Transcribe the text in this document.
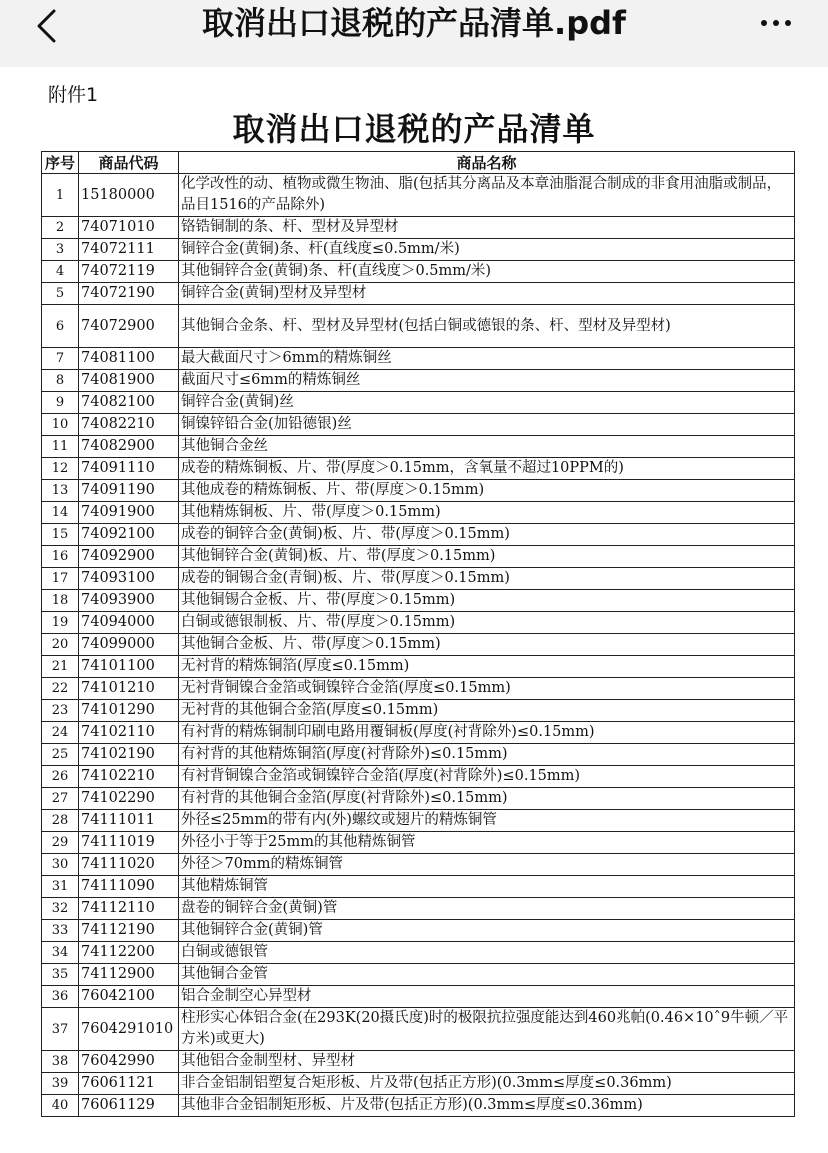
取消出口退税的产品清单.pdf
附件1
取消出口退税的产品清单
序号	商品代码	商品名称
1	15180000	化学改性的动、植物或微生物油、脂(包括其分离品及本章油脂混合制成的非食用油脂或制品，品目1516的产品除外)
2	74071010	铬锆铜制的条、杆、型材及异型材
3	74072111	铜锌合金(黄铜)条、杆(直线度≤0.5mm/米)
4	74072119	其他铜锌合金(黄铜)条、杆(直线度＞0.5mm/米)
5	74072190	铜锌合金(黄铜)型材及异型材
6	74072900	其他铜合金条、杆、型材及异型材(包括白铜或德银的条、杆、型材及异型材)
7	74081100	最大截面尺寸＞6mm的精炼铜丝
8	74081900	截面尺寸≤6mm的精炼铜丝
9	74082100	铜锌合金(黄铜)丝
10	74082210	铜镍锌铅合金(加铅德银)丝
11	74082900	其他铜合金丝
12	74091110	成卷的精炼铜板、片、带(厚度＞0.15mm，含氧量不超过10PPM的)
13	74091190	其他成卷的精炼铜板、片、带(厚度＞0.15mm)
14	74091900	其他精炼铜板、片、带(厚度＞0.15mm)
15	74092100	成卷的铜锌合金(黄铜)板、片、带(厚度＞0.15mm)
16	74092900	其他铜锌合金(黄铜)板、片、带(厚度＞0.15mm)
17	74093100	成卷的铜锡合金(青铜)板、片、带(厚度＞0.15mm)
18	74093900	其他铜锡合金板、片、带(厚度＞0.15mm)
19	74094000	白铜或德银制板、片、带(厚度＞0.15mm)
20	74099000	其他铜合金板、片、带(厚度＞0.15mm)
21	74101100	无衬背的精炼铜箔(厚度≤0.15mm)
22	74101210	无衬背铜镍合金箔或铜镍锌合金箔(厚度≤0.15mm)
23	74101290	无衬背的其他铜合金箔(厚度≤0.15mm)
24	74102110	有衬背的精炼铜制印刷电路用覆铜板(厚度(衬背除外)≤0.15mm)
25	74102190	有衬背的其他精炼铜箔(厚度(衬背除外)≤0.15mm)
26	74102210	有衬背铜镍合金箔或铜镍锌合金箔(厚度(衬背除外)≤0.15mm)
27	74102290	有衬背的其他铜合金箔(厚度(衬背除外)≤0.15mm)
28	74111011	外径≤25mm的带有内(外)螺纹或翅片的精炼铜管
29	74111019	外径小于等于25mm的其他精炼铜管
30	74111020	外径＞70mm的精炼铜管
31	74111090	其他精炼铜管
32	74112110	盘卷的铜锌合金(黄铜)管
33	74112190	其他铜锌合金(黄铜)管
34	74112200	白铜或德银管
35	74112900	其他铜合金管
36	76042100	铝合金制空心异型材
37	7604291010	柱形实心体铝合金(在293K(20摄氏度)时的极限抗拉强度能达到460兆帕(0.46×10ˆ9牛顿／平方米)或更大)
38	76042990	其他铝合金制型材、异型材
39	76061121	非合金铝制铝塑复合矩形板、片及带(包括正方形)(0.3mm≤厚度≤0.36mm)
40	76061129	其他非合金铝制矩形板、片及带(包括正方形)(0.3mm≤厚度≤0.36mm)
